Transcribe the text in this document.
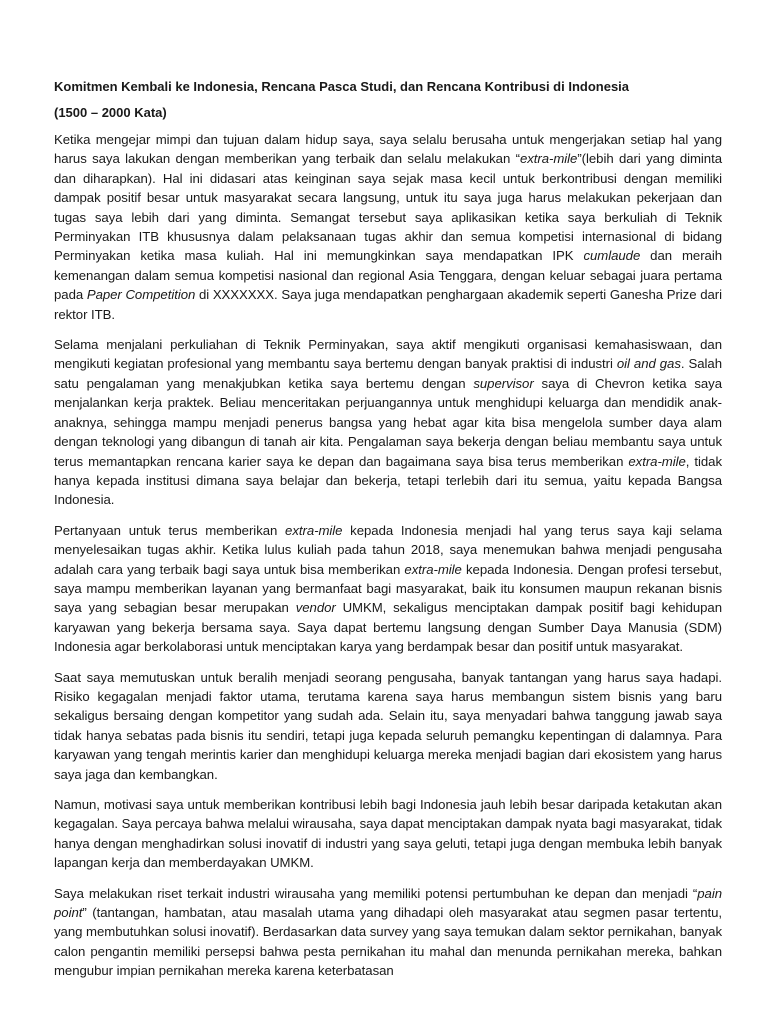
Komitmen Kembali ke Indonesia, Rencana Pasca Studi, dan Rencana Kontribusi di Indonesia
(1500 – 2000 Kata)

Ketika mengejar mimpi dan tujuan dalam hidup saya, saya selalu berusaha untuk mengerjakan setiap hal yang harus saya lakukan dengan memberikan yang terbaik dan selalu melakukan “extra-mile”(lebih dari yang diminta dan diharapkan). Hal ini didasari atas keinginan saya sejak masa kecil untuk berkontribusi dengan memiliki dampak positif besar untuk masyarakat secara langsung, untuk itu saya juga harus melakukan pekerjaan dan tugas saya lebih dari yang diminta. Semangat tersebut saya aplikasikan ketika saya berkuliah di Teknik Perminyakan ITB khususnya dalam pelaksanaan tugas akhir dan semua kompetisi internasional di bidang Perminyakan ketika masa kuliah. Hal ini memungkinkan saya mendapatkan IPK cumlaude dan meraih kemenangan dalam semua kompetisi nasional dan regional Asia Tenggara, dengan keluar sebagai juara pertama pada Paper Competition di XXXXXXX. Saya juga mendapatkan penghargaan akademik seperti Ganesha Prize dari rektor ITB.

Selama menjalani perkuliahan di Teknik Perminyakan, saya aktif mengikuti organisasi kemahasiswaan, dan mengikuti kegiatan profesional yang membantu saya bertemu dengan banyak praktisi di industri oil and gas. Salah satu pengalaman yang menakjubkan ketika saya bertemu dengan supervisor saya di Chevron ketika saya menjalankan kerja praktek. Beliau menceritakan perjuangannya untuk menghidupi keluarga dan mendidik anak-anaknya, sehingga mampu menjadi penerus bangsa yang hebat agar kita bisa mengelola sumber daya alam dengan teknologi yang dibangun di tanah air kita. Pengalaman saya bekerja dengan beliau membantu saya untuk terus memantapkan rencana karier saya ke depan dan bagaimana saya bisa terus memberikan extra-mile, tidak hanya kepada institusi dimana saya belajar dan bekerja, tetapi terlebih dari itu semua, yaitu kepada Bangsa Indonesia.

Pertanyaan untuk terus memberikan extra-mile kepada Indonesia menjadi hal yang terus saya kaji selama menyelesaikan tugas akhir. Ketika lulus kuliah pada tahun 2018, saya menemukan bahwa menjadi pengusaha adalah cara yang terbaik bagi saya untuk bisa memberikan extra-mile kepada Indonesia. Dengan profesi tersebut, saya mampu memberikan layanan yang bermanfaat bagi masyarakat, baik itu konsumen maupun rekanan bisnis saya yang sebagian besar merupakan vendor UMKM, sekaligus menciptakan dampak positif bagi kehidupan karyawan yang bekerja bersama saya. Saya dapat bertemu langsung dengan Sumber Daya Manusia (SDM) Indonesia agar berkolaborasi untuk menciptakan karya yang berdampak besar dan positif untuk masyarakat.

Saat saya memutuskan untuk beralih menjadi seorang pengusaha, banyak tantangan yang harus saya hadapi. Risiko kegagalan menjadi faktor utama, terutama karena saya harus membangun sistem bisnis yang baru sekaligus bersaing dengan kompetitor yang sudah ada. Selain itu, saya menyadari bahwa tanggung jawab saya tidak hanya sebatas pada bisnis itu sendiri, tetapi juga kepada seluruh pemangku kepentingan di dalamnya. Para karyawan yang tengah merintis karier dan menghidupi keluarga mereka menjadi bagian dari ekosistem yang harus saya jaga dan kembangkan.

Namun, motivasi saya untuk memberikan kontribusi lebih bagi Indonesia jauh lebih besar daripada ketakutan akan kegagalan. Saya percaya bahwa melalui wirausaha, saya dapat menciptakan dampak nyata bagi masyarakat, tidak hanya dengan menghadirkan solusi inovatif di industri yang saya geluti, tetapi juga dengan membuka lebih banyak lapangan kerja dan memberdayakan UMKM.

Saya melakukan riset terkait industri wirausaha yang memiliki potensi pertumbuhan ke depan dan menjadi “pain point” (tantangan, hambatan, atau masalah utama yang dihadapi oleh masyarakat atau segmen pasar tertentu, yang membutuhkan solusi inovatif). Berdasarkan data survey yang saya temukan dalam sektor pernikahan, banyak calon pengantin memiliki persepsi bahwa pesta pernikahan itu mahal dan menunda pernikahan mereka, bahkan mengubur impian pernikahan mereka karena keterbatasan
